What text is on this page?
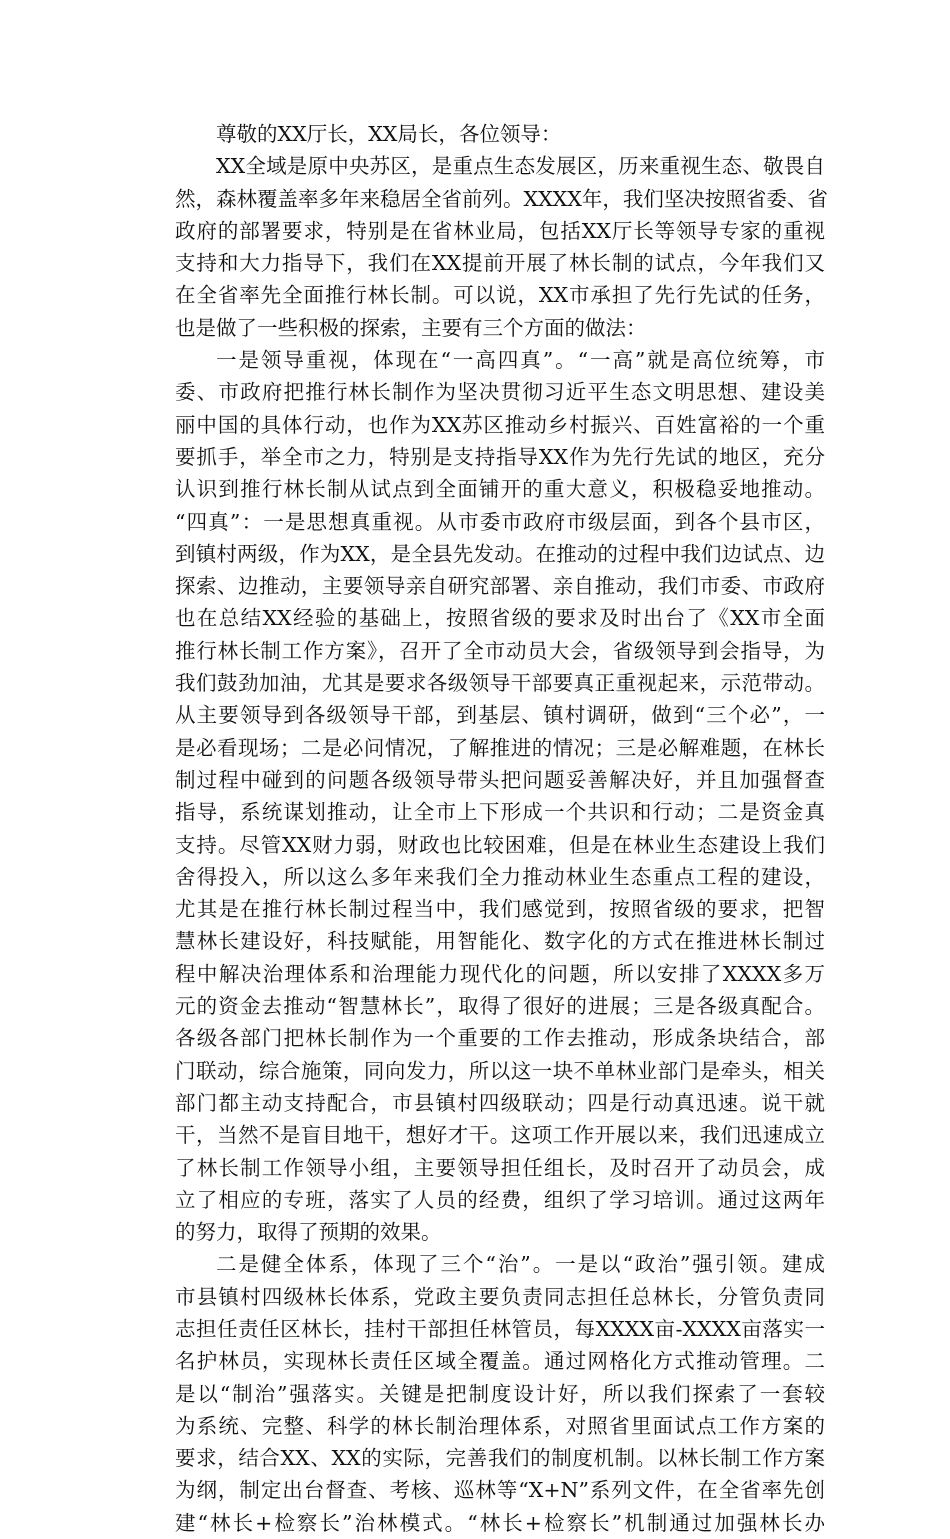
尊敬的XX厅长，XX局长，各位领导：
XX全域是原中央苏区，是重点生态发展区，历来重视生态、敬畏自
然，森林覆盖率多年来稳居全省前列。XXXX年，我们坚决按照省委、省
政府的部署要求，特别是在省林业局，包括XX厅长等领导专家的重视
支持和大力指导下，我们在XX提前开展了林长制的试点，今年我们又
在全省率先全面推行林长制。可以说，XX市承担了先行先试的任务，
也是做了一些积极的探索，主要有三个方面的做法：
一是领导重视，体现在“一高四真”。“一高”就是高位统筹，市
委、市政府把推行林长制作为坚决贯彻习近平生态文明思想、建设美
丽中国的具体行动，也作为XX苏区推动乡村振兴、百姓富裕的一个重
要抓手，举全市之力，特别是支持指导XX作为先行先试的地区，充分
认识到推行林长制从试点到全面铺开的重大意义，积极稳妥地推动。
“四真”：一是思想真重视。从市委市政府市级层面，到各个县市区，
到镇村两级，作为XX，是全县先发动。在推动的过程中我们边试点、边
探索、边推动，主要领导亲自研究部署、亲自推动，我们市委、市政府
也在总结XX经验的基础上，按照省级的要求及时出台了《XX市全面
推行林长制工作方案》，召开了全市动员大会，省级领导到会指导，为
我们鼓劲加油，尤其是要求各级领导干部要真正重视起来，示范带动。
从主要领导到各级领导干部，到基层、镇村调研，做到“三个必”，一
是必看现场；二是必问情况，了解推进的情况；三是必解难题，在林长
制过程中碰到的问题各级领导带头把问题妥善解决好，并且加强督查
指导，系统谋划推动，让全市上下形成一个共识和行动；二是资金真
支持。尽管XX财力弱，财政也比较困难，但是在林业生态建设上我们
舍得投入，所以这么多年来我们全力推动林业生态重点工程的建设，
尤其是在推行林长制过程当中，我们感觉到，按照省级的要求，把智
慧林长建设好，科技赋能，用智能化、数字化的方式在推进林长制过
程中解决治理体系和治理能力现代化的问题，所以安排了XXXX多万
元的资金去推动“智慧林长”，取得了很好的进展；三是各级真配合。
各级各部门把林长制作为一个重要的工作去推动，形成条块结合，部
门联动，综合施策，同向发力，所以这一块不单林业部门是牵头，相关
部门都主动支持配合，市县镇村四级联动；四是行动真迅速。说干就
干，当然不是盲目地干，想好才干。这项工作开展以来，我们迅速成立
了林长制工作领导小组，主要领导担任组长，及时召开了动员会，成
立了相应的专班，落实了人员的经费，组织了学习培训。通过这两年
的努力，取得了预期的效果。
二是健全体系，体现了三个“治”。一是以“政治”强引领。建成
市县镇村四级林长体系，党政主要负责同志担任总林长，分管负责同
志担任责任区林长，挂村干部担任林管员，每XXXX亩-XXXX亩落实一
名护林员，实现林长责任区域全覆盖。通过网格化方式推动管理。二
是以“制治”强落实。关键是把制度设计好，所以我们探索了一套较
为系统、完整、科学的林长制治理体系，对照省里面试点工作方案的
要求，结合XX、XX的实际，完善我们的制度机制。以林长制工作方案
为纲，制定出台督查、考核、巡林等“X+N”系列文件，在全省率先创
建“林长+检察长”治林模式。“林长+检察长”机制通过加强林长办
